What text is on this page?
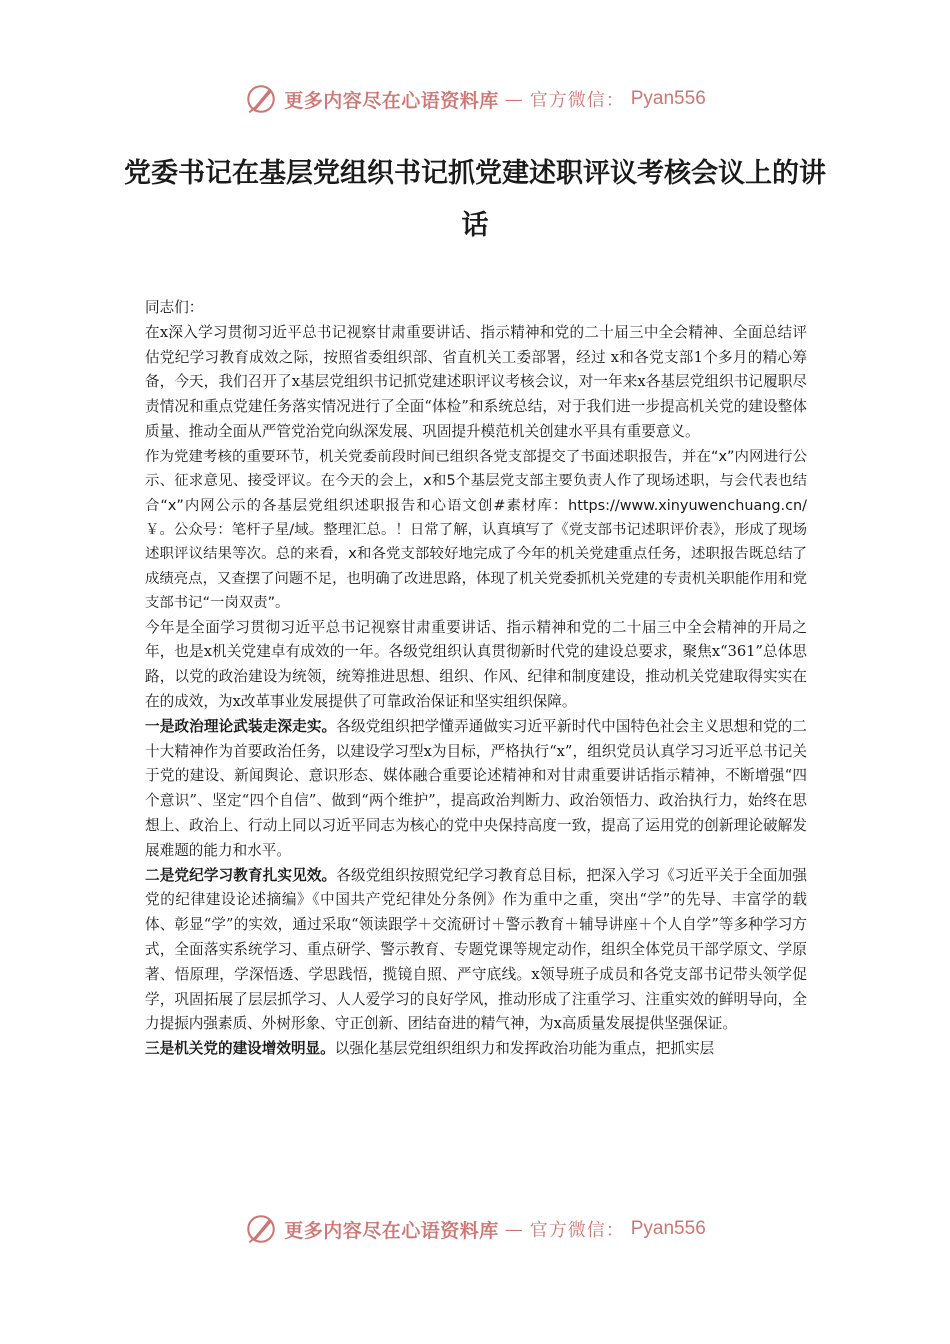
更多内容尽在心语资料库 — 官方微信： Pyan556
党委书记在基层党组织书记抓党建述职评议考核会议上的讲话

同志们：

在x深入学习贯彻习近平总书记视察甘肃重要讲话、指示精神和党的二十届三中全会精神、全面总结评估党纪学习教育成效之际，按照省委组织部、省直机关工委部署，经过 x和各党支部1个多月的精心筹备，今天，我们召开了x基层党组织书记抓党建述职评议考核会议，对一年来x各基层党组织书记履职尽责情况和重点党建任务落实情况进行了全面“体检”和系统总结，对于我们进一步提高机关党的建设整体质量、推动全面从严管党治党向纵深发展、巩固提升模范机关创建水平具有重要意义。

作为党建考核的重要环节，机关党委前段时间已组织各党支部提交了书面述职报告，并在“x”内网进行公示、征求意见、接受评议。在今天的会上，x和5个基层党支部主要负责人作了现场述职，与会代表也结合“x”内网公示的各基层党组织述职报告和心语文创#素材库：https://www.xinyuwenchuang.cn/￥。公众号：笔杆子星/域。整理汇总。！日常了解，认真填写了《党支部书记述职评价表》，形成了现场述职评议结果等次。总的来看，x和各党支部较好地完成了今年的机关党建重点任务，述职报告既总结了成绩亮点，又查摆了问题不足，也明确了改进思路，体现了机关党委抓机关党建的专责机关职能作用和党支部书记“一岗双责”。

今年是全面学习贯彻习近平总书记视察甘肃重要讲话、指示精神和党的二十届三中全会精神的开局之年，也是x机关党建卓有成效的一年。各级党组织认真贯彻新时代党的建设总要求，聚焦x“361”总体思路，以党的政治建设为统领，统筹推进思想、组织、作风、纪律和制度建设，推动机关党建取得实实在在的成效，为x改革事业发展提供了可靠政治保证和坚实组织保障。

一是政治理论武装走深走实。各级党组织把学懂弄通做实习近平新时代中国特色社会主义思想和党的二十大精神作为首要政治任务，以建设学习型x为目标，严格执行“x”，组织党员认真学习习近平总书记关于党的建设、新闻舆论、意识形态、媒体融合重要论述精神和对甘肃重要讲话指示精神，不断增强“四个意识”、坚定“四个自信”、做到“两个维护”，提高政治判断力、政治领悟力、政治执行力，始终在思想上、政治上、行动上同以习近平同志为核心的党中央保持高度一致，提高了运用党的创新理论破解发展难题的能力和水平。

二是党纪学习教育扎实见效。各级党组织按照党纪学习教育总目标，把深入学习《习近平关于全面加强党的纪律建设论述摘编》《中国共产党纪律处分条例》作为重中之重，突出“学”的先导、丰富学的载体、彰显“学”的实效，通过采取“领读跟学＋交流研讨＋警示教育＋辅导讲座＋个人自学”等多种学习方式，全面落实系统学习、重点研学、警示教育、专题党课等规定动作，组织全体党员干部学原文、学原著、悟原理，学深悟透、学思践悟，揽镜自照、严守底线。x领导班子成员和各党支部书记带头领学促学，巩固拓展了层层抓学习、人人爱学习的良好学风，推动形成了注重学习、注重实效的鲜明导向，全力提振内强素质、外树形象、守正创新、团结奋进的精气神，为x高质量发展提供坚强保证。

三是机关党的建设增效明显。以强化基层党组织组织力和发挥政治功能为重点，把抓实层

更多内容尽在心语资料库 — 官方微信： Pyan556
